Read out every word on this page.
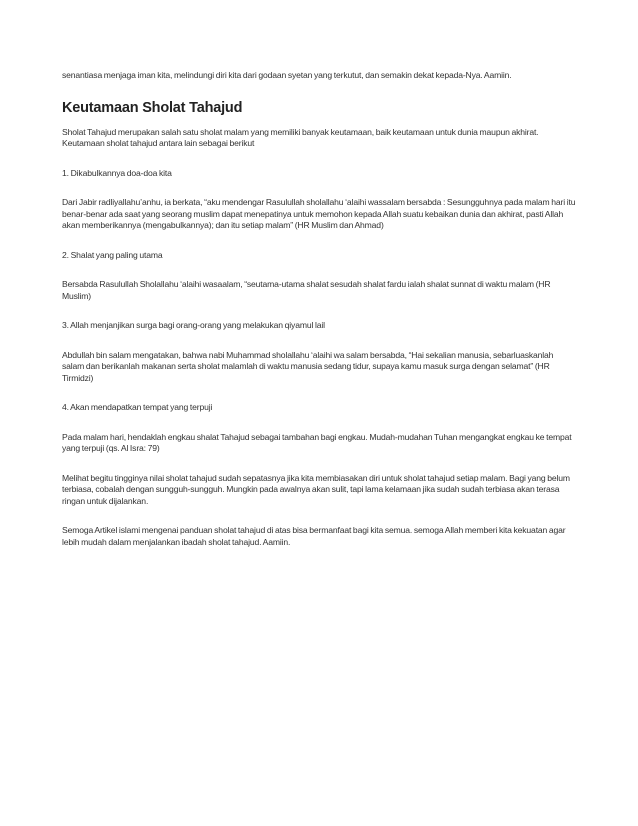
senantiasa menjaga iman kita, melindungi diri kita dari godaan syetan yang terkutut, dan semakin dekat kepada-Nya. Aamiin.

Keutamaan Sholat Tahajud

Sholat Tahajud merupakan salah satu sholat malam yang memiliki banyak keutamaan, baik keutamaan untuk dunia maupun akhirat. Keutamaan sholat tahajud antara lain sebagai berikut

1. Dikabulkannya doa-doa kita

Dari Jabir radliyallahu’anhu, ia berkata, “aku mendengar Rasulullah sholallahu ‘alaihi wassalam bersabda : Sesungguhnya pada malam hari itu benar-benar ada saat yang seorang muslim dapat menepatinya untuk memohon kepada Allah suatu kebaikan dunia dan akhirat, pasti Allah akan memberikannya (mengabulkannya); dan itu setiap malam” (HR Muslim dan Ahmad)

2. Shalat yang paling utama

Bersabda Rasulullah Sholallahu ‘alaihi wasaalam, “seutama-utama shalat sesudah shalat fardu ialah shalat sunnat di waktu malam (HR Muslim)

3. Allah menjanjikan surga bagi orang-orang yang melakukan qiyamul lail

Abdullah bin salam mengatakan, bahwa nabi Muhammad sholallahu ‘alaihi wa salam bersabda, “Hai sekalian manusia, sebarluaskanlah salam dan berikanlah makanan serta sholat malamlah di waktu manusia sedang tidur, supaya kamu masuk surga dengan selamat” (HR Tirmidzi)

4. Akan mendapatkan tempat yang terpuji

Pada malam hari, hendaklah engkau shalat Tahajud sebagai tambahan bagi engkau. Mudah-mudahan Tuhan mengangkat engkau ke tempat yang terpuji (qs. Al Isra: 79)

Melihat begitu tingginya nilai sholat tahajud sudah sepatasnya jika kita membiasakan diri untuk sholat tahajud setiap malam. Bagi yang belum terbiasa, cobalah dengan sungguh-sungguh. Mungkin pada awalnya akan sulit, tapi lama kelamaan jika sudah sudah terbiasa akan terasa ringan untuk dijalankan.

Semoga Artikel islami mengenai panduan sholat tahajud di atas bisa bermanfaat bagi kita semua. semoga Allah memberi kita kekuatan agar lebih mudah dalam menjalankan ibadah sholat tahajud. Aamiin.
